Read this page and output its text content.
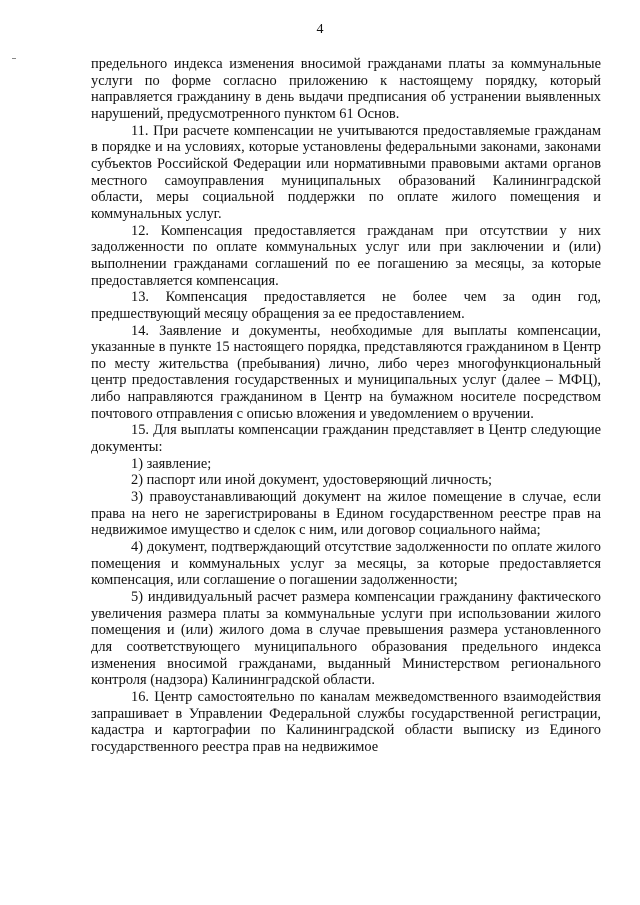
4

предельного индекса изменения вносимой гражданами платы за коммунальные услуги по форме согласно приложению к настоящему порядку, который направляется гражданину в день выдачи предписания об устранении выявленных нарушений, предусмотренного пунктом 61 Основ.

11. При расчете компенсации не учитываются предоставляемые гражданам в порядке и на условиях, которые установлены федеральными законами, законами субъектов Российской Федерации или нормативными правовыми актами органов местного самоуправления муниципальных образований Калининградской области, меры социальной поддержки по оплате жилого помещения и коммунальных услуг.

12. Компенсация предоставляется гражданам при отсутствии у них задолженности по оплате коммунальных услуг или при заключении и (или) выполнении гражданами соглашений по ее погашению за месяцы, за которые предоставляется компенсация.

13. Компенсация предоставляется не более чем за один год, предшествующий месяцу обращения за ее предоставлением.

14. Заявление и документы, необходимые для выплаты компенсации, указанные в пункте 15 настоящего порядка, представляются гражданином в Центр по месту жительства (пребывания) лично, либо через многофункциональный центр предоставления государственных и муниципальных услуг (далее – МФЦ), либо направляются гражданином в Центр на бумажном носителе посредством почтового отправления с описью вложения и уведомлением о вручении.

15. Для выплаты компенсации гражданин представляет в Центр следующие документы:

1) заявление;

2) паспорт или иной документ, удостоверяющий личность;

3) правоустанавливающий документ на жилое помещение в случае, если права на него не зарегистрированы в Едином государственном реестре прав на недвижимое имущество и сделок с ним, или договор социального найма;

4) документ, подтверждающий отсутствие задолженности по оплате жилого помещения и коммунальных услуг за месяцы, за которые предоставляется компенсация, или соглашение о погашении задолженности;

5) индивидуальный расчет размера компенсации гражданину фактического увеличения размера платы за коммунальные услуги при использовании жилого помещения и (или) жилого дома в случае превышения размера установленного для соответствующего муниципального образования предельного индекса изменения вносимой гражданами, выданный Министерством регионального контроля (надзора) Калининградской области.

16. Центр самостоятельно по каналам межведомственного взаимодействия запрашивает в Управлении Федеральной службы государственной регистрации, кадастра и картографии по Калининградской области выписку из Единого государственного реестра прав на недвижимое
